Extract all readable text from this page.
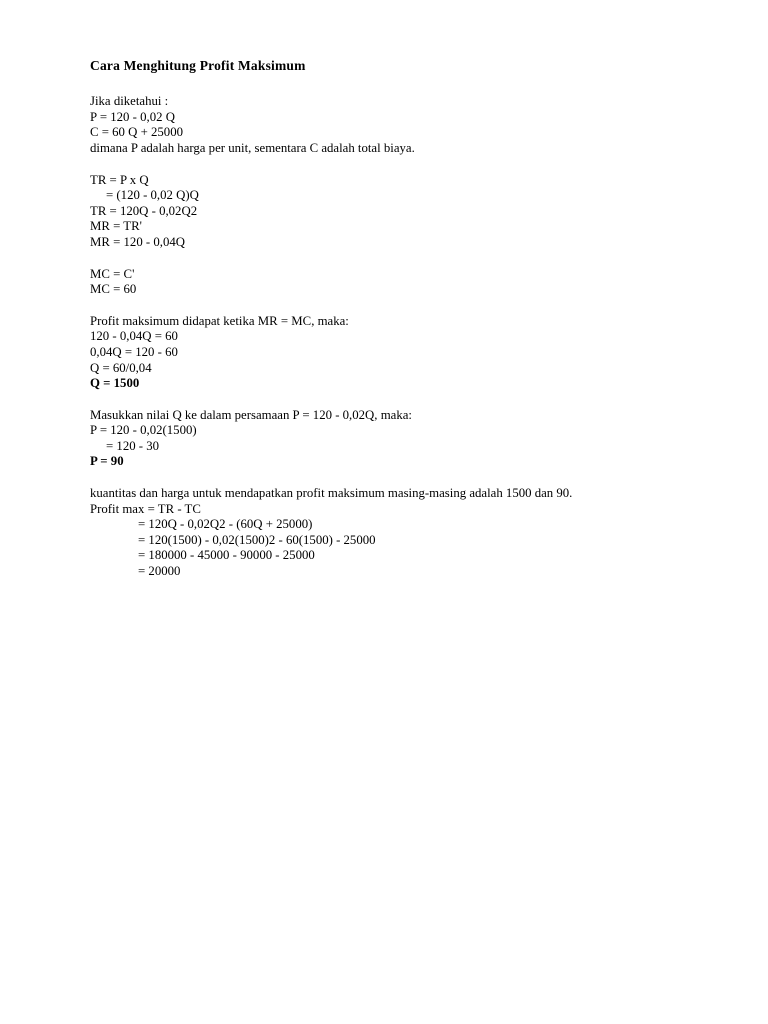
Cara Menghitung Profit Maksimum
Jika diketahui :
P = 120 - 0,02 Q
C = 60 Q + 25000
dimana P adalah harga per unit, sementara C adalah total biaya.
TR = P x Q
= (120 - 0,02 Q)Q
TR = 120Q - 0,02Q2
MR = TR'
MR = 120 - 0,04Q
MC = C'
MC = 60
Profit maksimum didapat ketika MR = MC, maka:
120 - 0,04Q = 60
0,04Q = 120 - 60
Q = 60/0,04
Q = 1500
Masukkan nilai Q ke dalam persamaan P = 120 - 0,02Q, maka:
P = 120 - 0,02(1500)
= 120 - 30
P = 90
kuantitas dan harga untuk mendapatkan profit maksimum masing-masing adalah 1500 dan 90.
Profit max = TR - TC
= 120Q - 0,02Q2 - (60Q + 25000)
= 120(1500) - 0,02(1500)2 - 60(1500) - 25000
= 180000 - 45000 - 90000 - 25000
= 20000
